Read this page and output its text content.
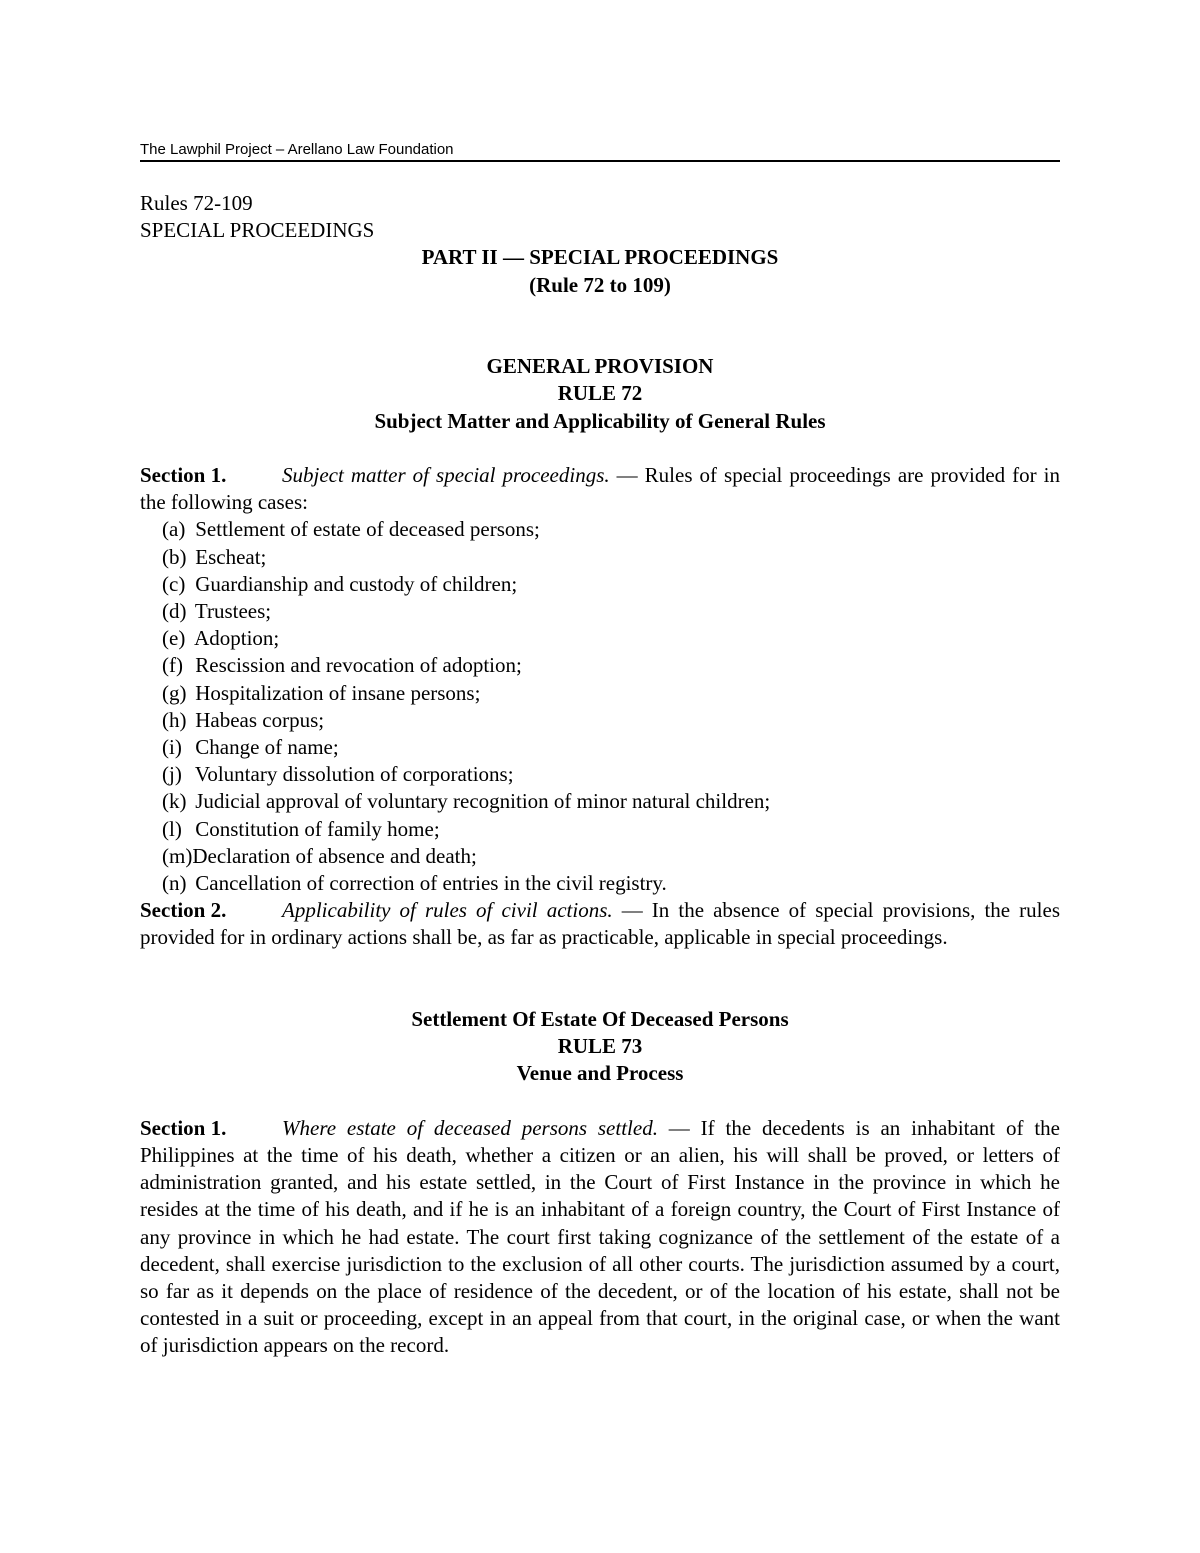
The Lawphil Project – Arellano Law Foundation
Rules 72-109
SPECIAL PROCEEDINGS
PART II — SPECIAL PROCEEDINGS
(Rule 72 to 109)
GENERAL PROVISION
RULE 72
Subject Matter and Applicability of General Rules

Section 1.	Subject matter of special proceedings. — Rules of special proceedings are provided for in the following cases:

(a) Settlement of estate of deceased persons;
(b) Escheat;
(c) Guardianship and custody of children;
(d) Trustees;
(e) Adoption;
(f) Rescission and revocation of adoption;
(g) Hospitalization of insane persons;
(h) Habeas corpus;
(i) Change of name;
(j) Voluntary dissolution of corporations;
(k) Judicial approval of voluntary recognition of minor natural children;
(l) Constitution of family home;
(m)Declaration of absence and death;
(n) Cancellation of correction of entries in the civil registry.

Section 2.	Applicability of rules of civil actions. — In the absence of special provisions, the rules provided for in ordinary actions shall be, as far as practicable, applicable in special proceedings.

Settlement Of Estate Of Deceased Persons
RULE 73
Venue and Process

Section 1.	Where estate of deceased persons settled. — If the decedents is an inhabitant of the Philippines at the time of his death, whether a citizen or an alien, his will shall be proved, or letters of administration granted, and his estate settled, in the Court of First Instance in the province in which he resides at the time of his death, and if he is an inhabitant of a foreign country, the Court of First Instance of any province in which he had estate. The court first taking cognizance of the settlement of the estate of a decedent, shall exercise jurisdiction to the exclusion of all other courts. The jurisdiction assumed by a court, so far as it depends on the place of residence of the decedent, or of the location of his estate, shall not be contested in a suit or proceeding, except in an appeal from that court, in the original case, or when the want of jurisdiction appears on the record.
